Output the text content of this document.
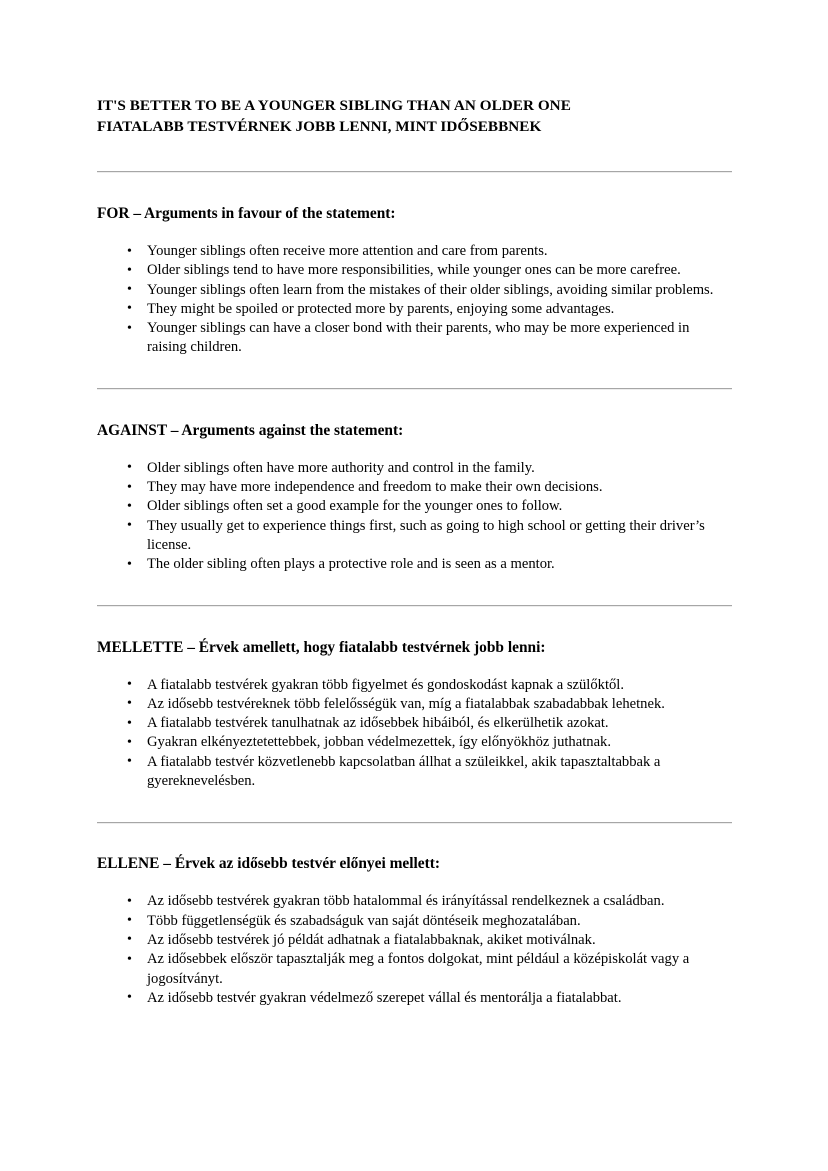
IT'S BETTER TO BE A YOUNGER SIBLING THAN AN OLDER ONE
FIATALABB TESTVÉRNEK JOBB LENNI, MINT IDŐSEBBNEK
FOR – Arguments in favour of the statement:
• Younger siblings often receive more attention and care from parents.
• Older siblings tend to have more responsibilities, while younger ones can be more carefree.
• Younger siblings often learn from the mistakes of their older siblings, avoiding similar problems.
• They might be spoiled or protected more by parents, enjoying some advantages.
• Younger siblings can have a closer bond with their parents, who may be more experienced in raising children.
AGAINST – Arguments against the statement:
• Older siblings often have more authority and control in the family.
• They may have more independence and freedom to make their own decisions.
• Older siblings often set a good example for the younger ones to follow.
• They usually get to experience things first, such as going to high school or getting their driver’s license.
• The older sibling often plays a protective role and is seen as a mentor.
MELLETTE – Érvek amellett, hogy fiatalabb testvérnek jobb lenni:
• A fiatalabb testvérek gyakran több figyelmet és gondoskodást kapnak a szülőktől.
• Az idősebb testvéreknek több felelősségük van, míg a fiatalabbak szabadabbak lehetnek.
• A fiatalabb testvérek tanulhatnak az idősebbek hibáiból, és elkerülhetik azokat.
• Gyakran elkényeztetettebbek, jobban védelmezettek, így előnyökhöz juthatnak.
• A fiatalabb testvér közvetlenebb kapcsolatban állhat a szüleikkel, akik tapasztaltabbak a gyereknevelésben.
ELLENE – Érvek az idősebb testvér előnyei mellett:
• Az idősebb testvérek gyakran több hatalommal és irányítással rendelkeznek a családban.
• Több függetlenségük és szabadságuk van saját döntéseik meghozatalában.
• Az idősebb testvérek jó példát adhatnak a fiatalabbaknak, akiket motiválnak.
• Az idősebbek először tapasztalják meg a fontos dolgokat, mint például a középiskolát vagy a jogosítványt.
• Az idősebb testvér gyakran védelmező szerepet vállal és mentorálja a fiatalabbat.
